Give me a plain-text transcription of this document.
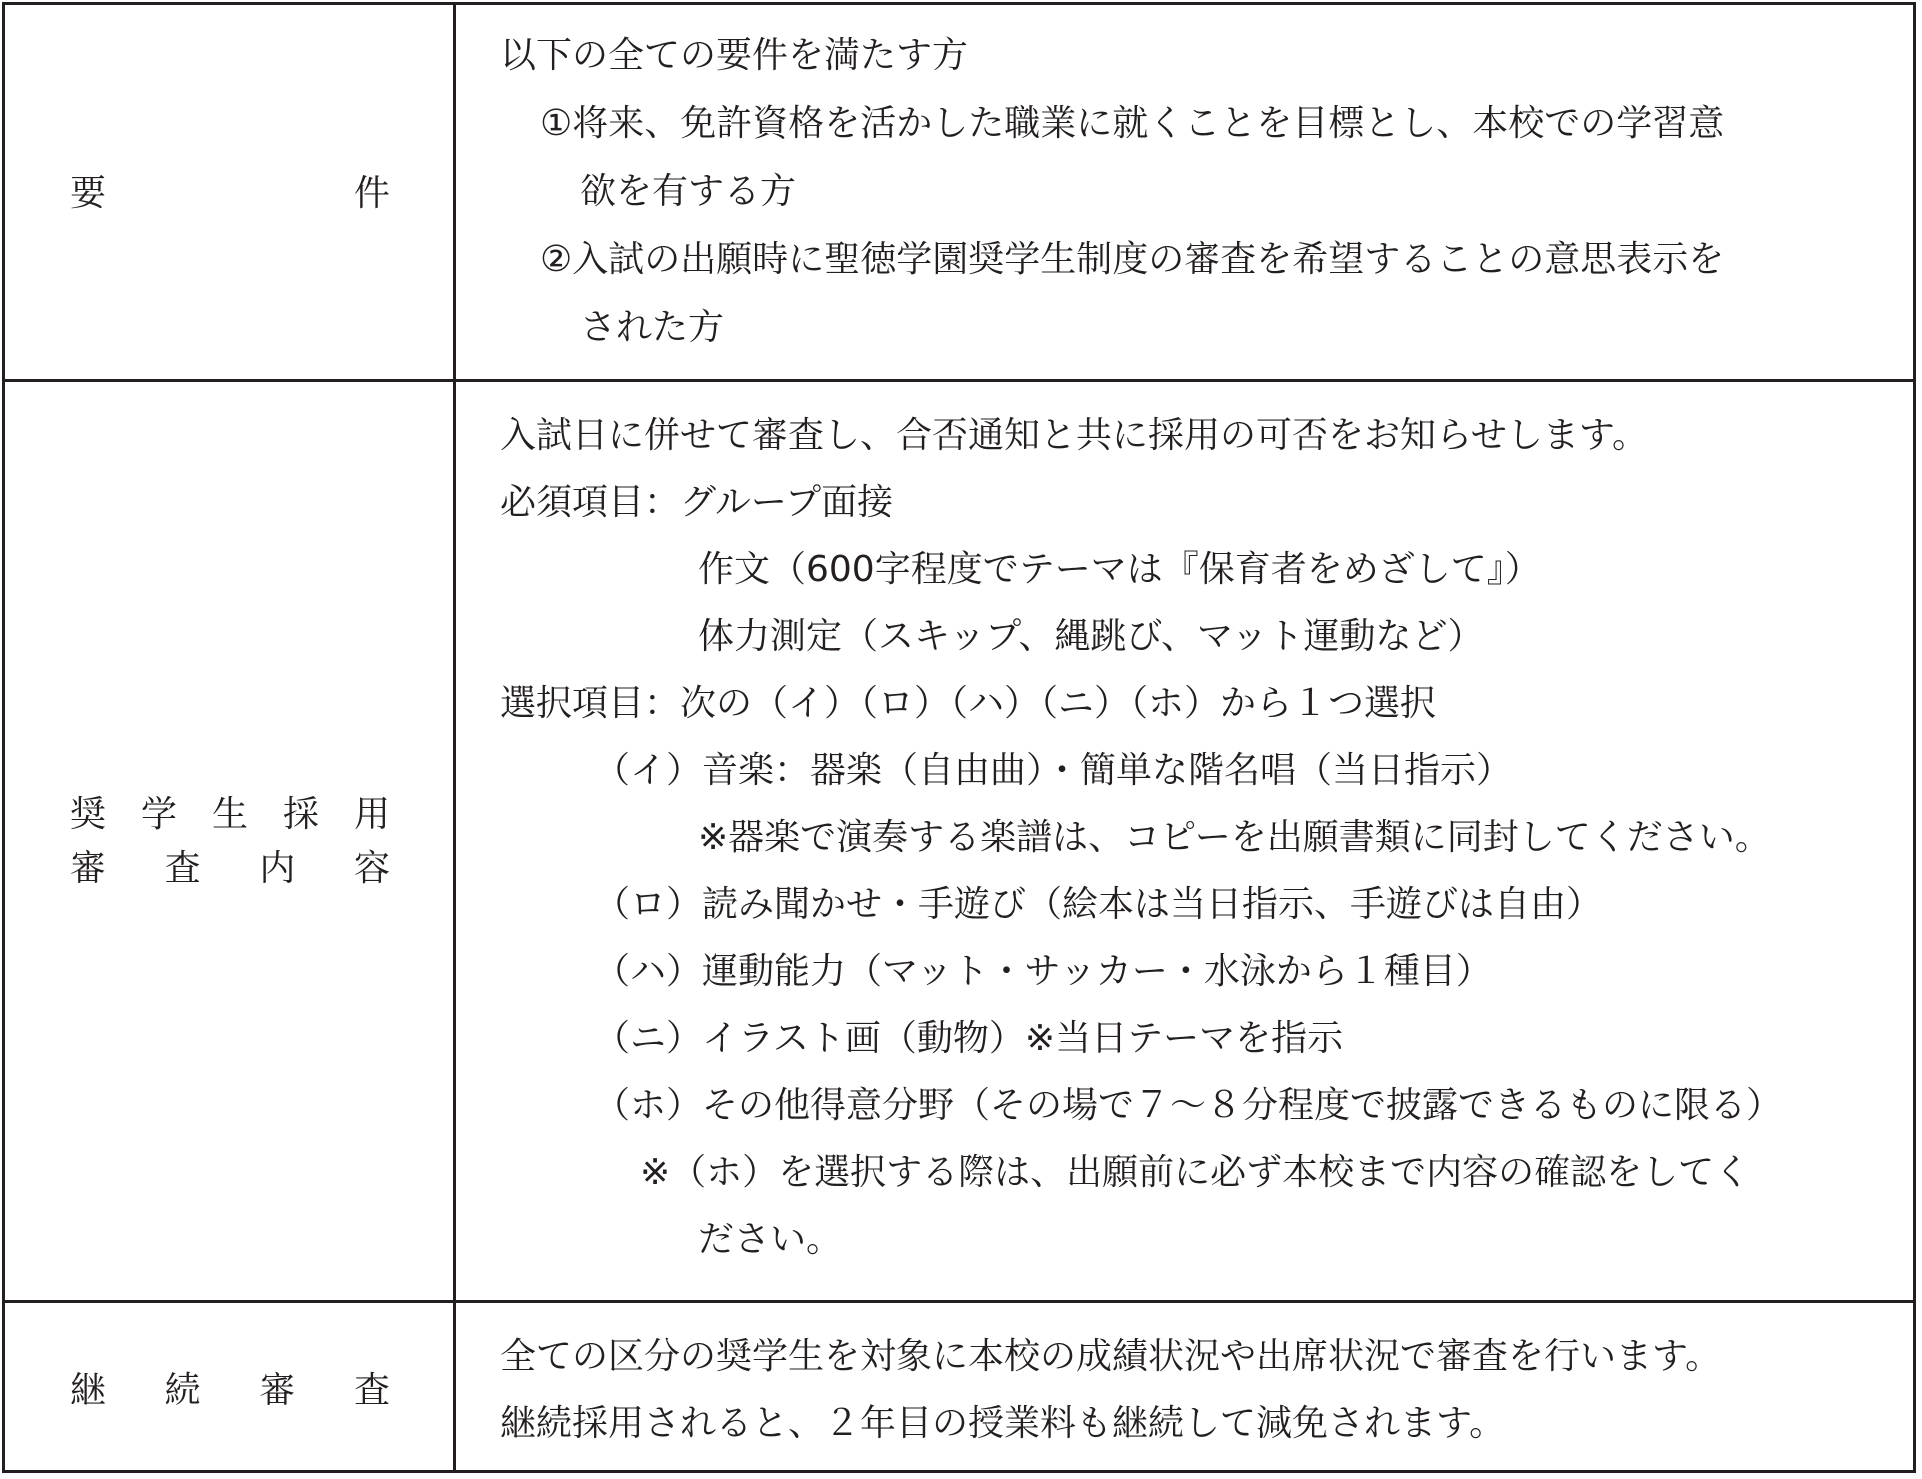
要	件
以下の全ての要件を満たす方
①将来、免許資格を活かした職業に就くことを目標とし、本校での学習意
欲を有する方
②入試の出願時に聖徳学園奨学生制度の審査を希望することの意思表示を
された方
奨 学 生 採 用
審 査 内 容
入試日に併せて審査し、合否通知と共に採用の可否をお知らせします。
必須項目：グループ面接
作文（600字程度でテーマは『保育者をめざして』）
体力測定（スキップ、縄跳び、マット運動など）
選択項目：次の（イ）（ロ）（ハ）（ニ）（ホ）から１つ選択
（イ）音楽：器楽（自由曲）・簡単な階名唱（当日指示）
※器楽で演奏する楽譜は、コピーを出願書類に同封してください。
（ロ）読み聞かせ・手遊び（絵本は当日指示、手遊びは自由）
（ハ）運動能力（マット・サッカー・水泳から１種目）
（ニ）イラスト画（動物）※当日テーマを指示
（ホ）その他得意分野（その場で７～８分程度で披露できるものに限る）
※（ホ）を選択する際は、出願前に必ず本校まで内容の確認をしてく
ださい。
継 続 審 査
全ての区分の奨学生を対象に本校の成績状況や出席状況で審査を行います。
継続採用されると、２年目の授業料も継続して減免されます。
